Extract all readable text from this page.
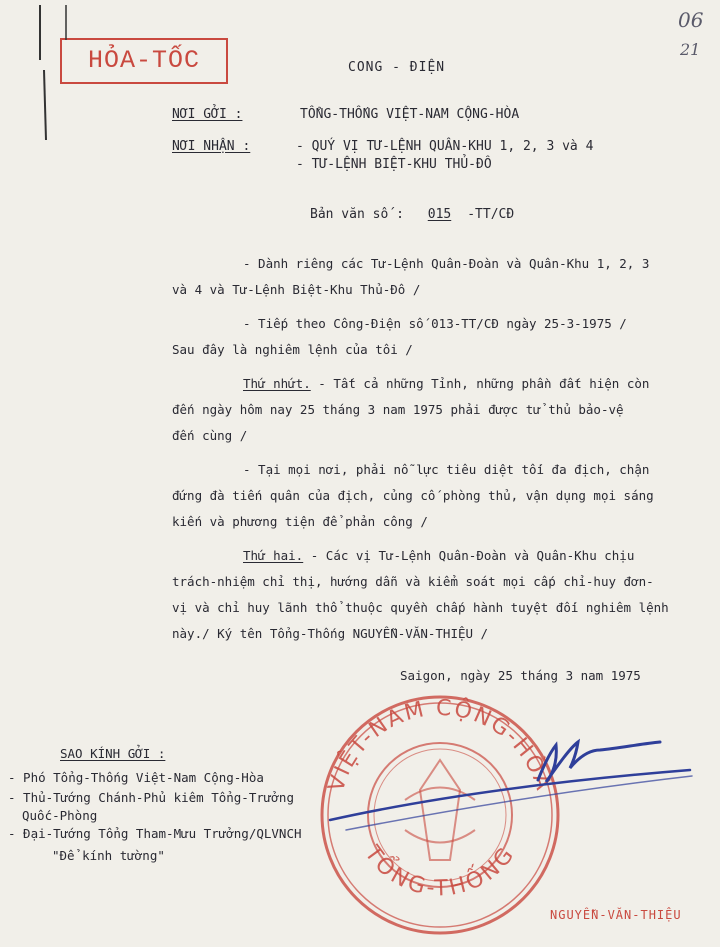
HỎA-TỐC
06
21
CONG - ĐIỆN
NƠI GỞI :	TỔNG-THỐNG VIỆT-NAM CỘNG-HÒA
NƠI NHẬN :	- QUÝ VỊ TƯ-LỆNH QUÂN-KHU 1, 2, 3 và 4
- TƯ-LỆNH BIỆT-KHU THỦ-ĐÔ
Bản văn số : 015 -TT/CĐ
- Dành riêng các Tư-Lệnh Quân-Đoàn và Quân-Khu 1, 2, 3
và 4 và Tư-Lệnh Biệt-Khu Thủ-Đô /
- Tiếp theo Công-Điện số 013-TT/CĐ ngày 25-3-1975 /
Sau đây là nghiêm lệnh của tôi /
Thứ nhứt. - Tất cả những Tỉnh, những phần đất hiện còn
đến ngày hôm nay 25 tháng 3 nam 1975 phải được tử thủ bảo-vệ
đến cùng /
- Tại mọi nơi, phải nỗ lực tiêu diệt tối đa địch, chận
đứng đà tiến quân của địch, củng cố phòng thủ, vận dụng mọi sáng
kiến và phương tiện để phản công /
Thứ hai. - Các vị Tư-Lệnh Quân-Đoàn và Quân-Khu chịu
trách-nhiệm chỉ thị, hướng dẫn và kiểm soát mọi cấp chỉ-huy đơn-
vị và chỉ huy lãnh thổ thuộc quyền chấp hành tuyệt đối nghiêm lệnh
này./ Ký tên Tổng-Thống NGUYỄN-VĂN-THIỆU /
Saigon, ngày 25 tháng 3 nam 1975
SAO KÍNH GỞI :
- Phó Tổng-Thống Việt-Nam Cộng-Hòa
- Thủ-Tướng Chánh-Phủ kiêm Tổng-Trưởng
Quốc-Phòng
- Đại-Tướng Tổng Tham-Mưu Trưởng/QLVNCH
"Để kính tường"
VIỆT-NAM CỘNG-HÒA
TỔNG-THỐNG
NGUYỄN-VĂN-THIỆU
